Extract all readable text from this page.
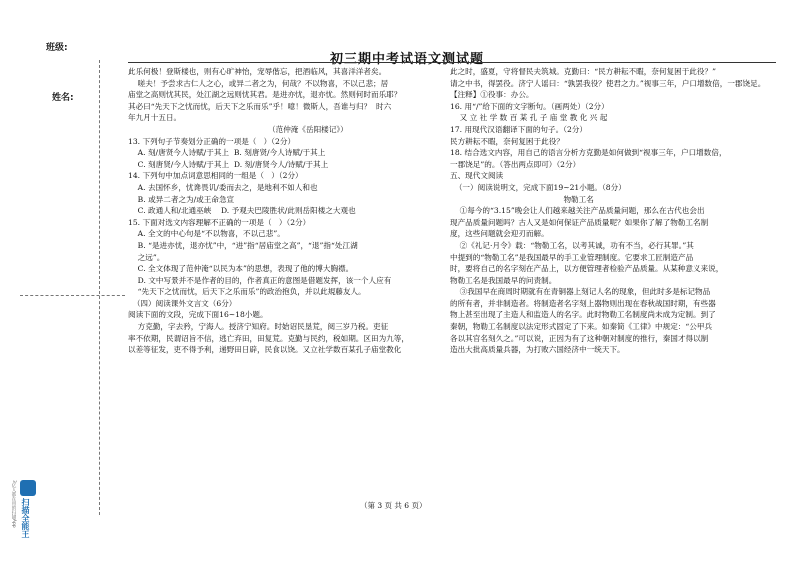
班级:
姓名:
初三期中考试语文测试题
此乐何极！登斯楼也，则有心旷神怡，宠辱偕忘，把酒临风，其喜洋洋者矣。
嗟夫！予尝求古仁人之心，或异二者之为，何哉？不以物喜，不以己悲；居
庙堂之高则忧其民，处江湖之远则忧其君。是进亦忧，退亦忧。然则何时而乐耶？
其必曰“先天下之忧而忧，后天下之乐而乐”乎！噫！微斯人，吾谁与归？  时六
年九月十五日。
（范仲淹《岳阳楼记》）
13. 下列句子节奏划分正确的一项是（   ）（2分）
A. 刻/唐贤今人诗赋/于其上  B. 刻唐贤/今人诗赋/于其上
C. 刻唐贤/今人诗赋/于其上  D. 刻/唐贤今人/诗赋/于其上
14. 下列句中加点词意思相同的一组是（   ）（2分）
A. 去国怀乡，忧谗畏讥/委而去之，是地利不如人和也
B. 或异二者之为/或王命急宣
C. 政通人和/北通巫峡    D. 予观夫巴陵胜状/此则岳阳楼之大观也
15. 下面对选文内容理解不正确的一项是（   ）（2分）
A. 全文的中心句是“不以物喜，不以己悲”。
B. “是进亦忧，退亦忧”中，“进”指“居庙堂之高”，“退”指“处江湖
之远”。
C. 全文体现了范仲淹“以民为本”的思想，表现了他的博大胸襟。
D. 文中写景并不是作者的目的，作者真正的意图是借题发挥，该一个人应有
“先天下之忧而忧，后天下之乐而乐”的政治抱负，并以此規藤友人。
（四）阅读课外文言文（6分）
阅读下面的文段，完成下面16~18小题。
方克勤，字去矜，宁海人。授济宁知府。时始诏民垦荒，阅三岁乃税。吏征
率不依期，民谓诏旨不信，逃亡弃田，田复荒。克勤与民约，税如期。区田为九等，
以差等征发，吏不得予利，递野田日辟，民食以饶。又立社学数百某孔子庙堂教化
此之时，盛夏，守将督民夫筑城。克勤曰：“民方耕耘不暇，奈何复困于此役？”
请之中书，得罢役。济宁人谣曰：“孰罢我役？使君之力。”视事三年，户口增数倍，一郡饶足。
【注释】①役事：办公。
16. 用“/”给下面的文字断句。（画两处）（2分）
又 立 社 学 数 百 某 孔 子 庙 堂 教 化 兴 起
17. 用现代汉语翻译下面的句子。（2分）
民方耕耘不暇，奈何复困于此役？
18. 结合选文内容，用自己的语言分析方克勤是如何做到“视事三年，户口增数倍，
一郡饶足”的。（答出两点即可）（2分）
五、现代文阅读
（一）阅读说明文，完成下面19~21小题。（8分）
物勒工名
①每今的“3.15”晚会让人们越来越关注产品质量问题，那么在古代也会出
现产品质量问题吗？古人又是如何保证产品质量呢？如果你了解了物勒工名制
度，这些问题就会迎刃而解。
②《礼记·月令》载：“物勒工名，以考其诚，功有不当，必行其罪。”其
中提到的“物勒工名”是我国最早的手工业管理制度。它要求工匠制造产品
时，要将自己的名字刻在产品上，以方便管理者检验产品质量。从某种意义来说，
物勒工名是我国最早的问责制。
③我国早在商周时期就有在青铜器上刻记人名的现象，但此时多是标记物品
的所有者，并非制造者。将制造者名字刻上器物则出现在春秋战国时期，有些器
物上甚至出现了主造人和监造人的名字。此时物勒工名制度尚未成为定制。到了
秦朝，物勒工名制度以法定形式固定了下来。如秦简《工律》中规定：“公甲兵
各以其官名刻久之。”可以说，正因为有了这种朝对制度的推行，秦国才得以制
造出大批高质量兵器，为打败六国经济中一统天下。
（第 3 页 共 6 页）
扫描全能王
3亿人都在用的扫描App
